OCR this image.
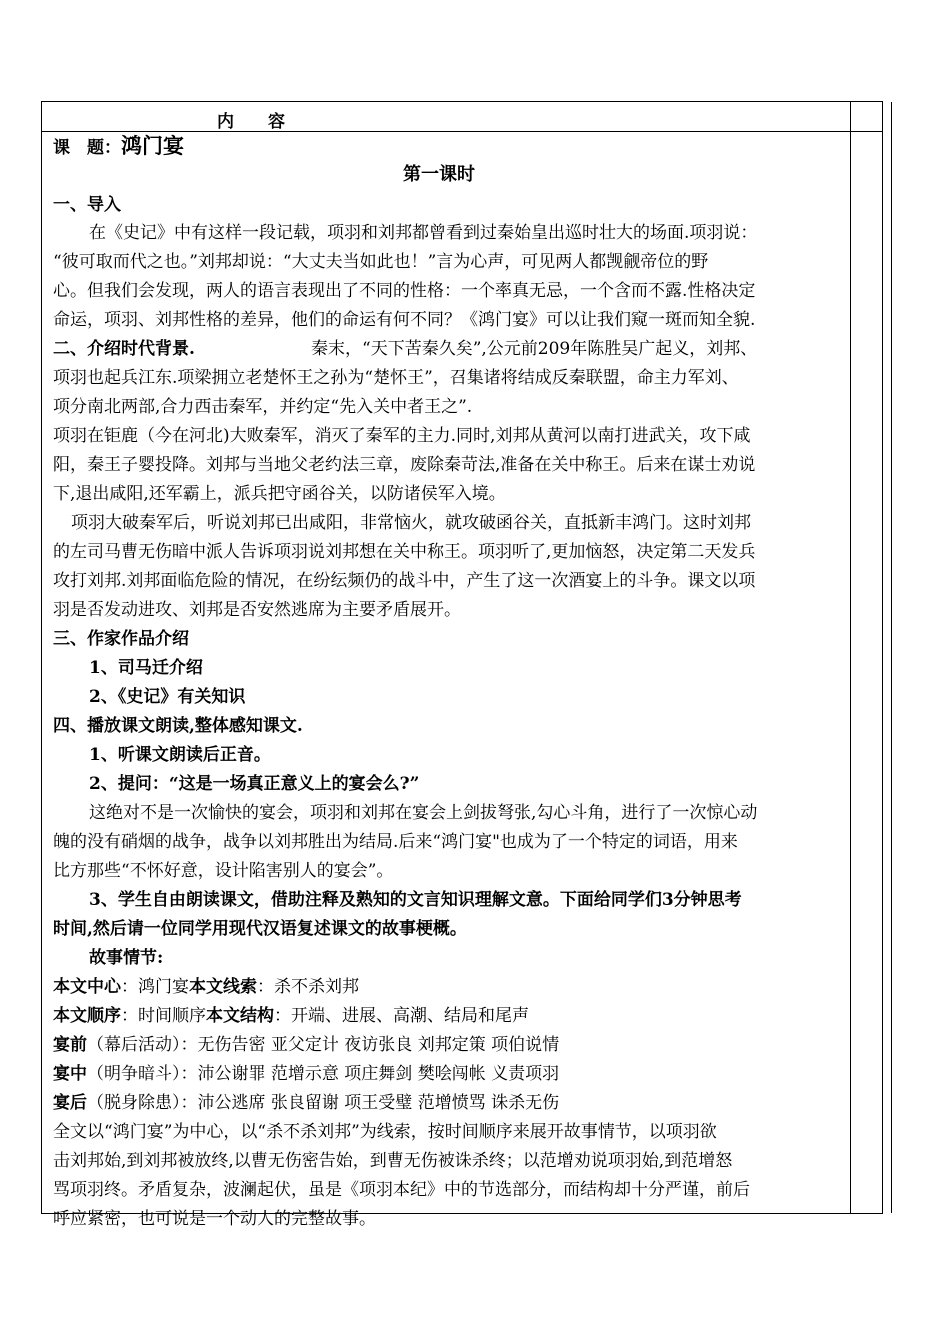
内　　容
课　题：鸿门宴
第一课时
一、导入
在《史记》中有这样一段记载，项羽和刘邦都曾看到过秦始皇出巡时壮大的场面.项羽说：
“彼可取而代之也。”刘邦却说：“大丈夫当如此也！”言为心声，可见两人都觊觎帝位的野
心。但我们会发现，两人的语言表现出了不同的性格：一个率真无忌，一个含而不露.性格决定
命运，项羽、刘邦性格的差异，他们的命运有何不同？《鸿门宴》可以让我们窥一斑而知全貌.
二、介绍时代背景.	秦末，“天下苦秦久矣”,公元前209年陈胜吴广起义，刘邦、
项羽也起兵江东.项梁拥立老楚怀王之孙为“楚怀王”，召集诸将结成反秦联盟，命主力军刘、
项分南北两部,合力西击秦军，并约定“先入关中者王之”.
项羽在钜鹿（今在河北)大败秦军，消灭了秦军的主力.同时,刘邦从黄河以南打进武关，攻下咸
阳，秦王子婴投降。刘邦与当地父老约法三章，废除秦苛法,准备在关中称王。后来在谋士劝说
下,退出咸阳,还军霸上，派兵把守函谷关，以防诸侯军入境。
项羽大破秦军后，听说刘邦已出咸阳，非常恼火，就攻破函谷关，直抵新丰鸿门。这时刘邦
的左司马曹无伤暗中派人告诉项羽说刘邦想在关中称王。项羽听了,更加恼怒，决定第二天发兵
攻打刘邦.刘邦面临危险的情况，在纷纭频仍的战斗中，产生了这一次酒宴上的斗争。课文以项
羽是否发动进攻、刘邦是否安然逃席为主要矛盾展开。
三、作家作品介绍
1、司马迁介绍
2、《史记》有关知识
四、播放课文朗读,整体感知课文.
1、听课文朗读后正音。
2、提问：“这是一场真正意义上的宴会么?”
这绝对不是一次愉快的宴会，项羽和刘邦在宴会上剑拔弩张,勾心斗角，进行了一次惊心动
魄的没有硝烟的战争，战争以刘邦胜出为结局.后来“鸿门宴"也成为了一个特定的词语，用来
比方那些“不怀好意，设计陷害别人的宴会”。
3、学生自由朗读课文，借助注释及熟知的文言知识理解文意。下面给同学们3分钟思考
时间,然后请一位同学用现代汉语复述课文的故事梗概。
故事情节:
本文中心：鸿门宴本文线索：杀不杀刘邦
本文顺序：时间顺序本文结构：开端、进展、高潮、结局和尾声
宴前（幕后活动）：无伤告密 亚父定计 夜访张良 刘邦定策 项伯说情
宴中（明争暗斗）：沛公谢罪 范增示意 项庄舞剑 樊哙闯帐 义责项羽
宴后（脱身除患）：沛公逃席 张良留谢 项王受璧 范增愤骂 诛杀无伤
全文以“鸿门宴”为中心，以“杀不杀刘邦”为线索，按时间顺序来展开故事情节，以项羽欲
击刘邦始,到刘邦被放终,以曹无伤密告始，到曹无伤被诛杀终；以范增劝说项羽始,到范增怒
骂项羽终。矛盾复杂，波澜起伏，虽是《项羽本纪》中的节选部分，而结构却十分严谨，前后
呼应紧密，也可说是一个动人的完整故事。
